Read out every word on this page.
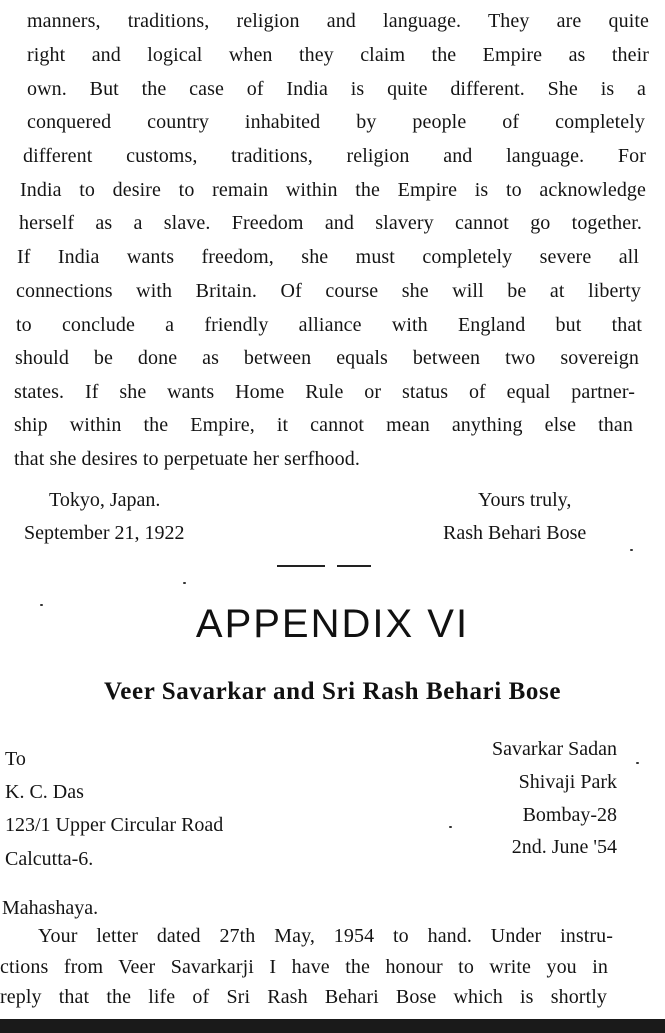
manners, traditions, religion and language. They are quite
right and logical when they claim the Empire as their
own. But the case of India is quite different. She is a
conquered country inhabited by people of completely
different customs, traditions, religion and language. For
India to desire to remain within the Empire is to acknowledge
herself as a slave. Freedom and slavery cannot go together.
If India wants freedom, she must completely severe all
connections with Britain. Of course she will be at liberty
to conclude a friendly alliance with England but that
should be done as between equals between two sovereign
states. If she wants Home Rule or status of equal partner-
ship within the Empire, it cannot mean anything else than
that she desires to perpetuate her serfhood.
Tokyo, Japan.
September 21, 1922
Yours truly,
Rash Behari Bose
APPENDIX VI
Veer Savarkar and Sri Rash Behari Bose
To
K. C. Das
123/1 Upper Circular Road
Calcutta-6.
Savarkar Sadan
Shivaji Park
Bombay-28
2nd. June '54
Mahashaya.
Your letter dated 27th May, 1954 to hand. Under instru-
ctions from Veer Savarkarji I have the honour to write you in
reply that the life of Sri Rash Behari Bose which is shortly
